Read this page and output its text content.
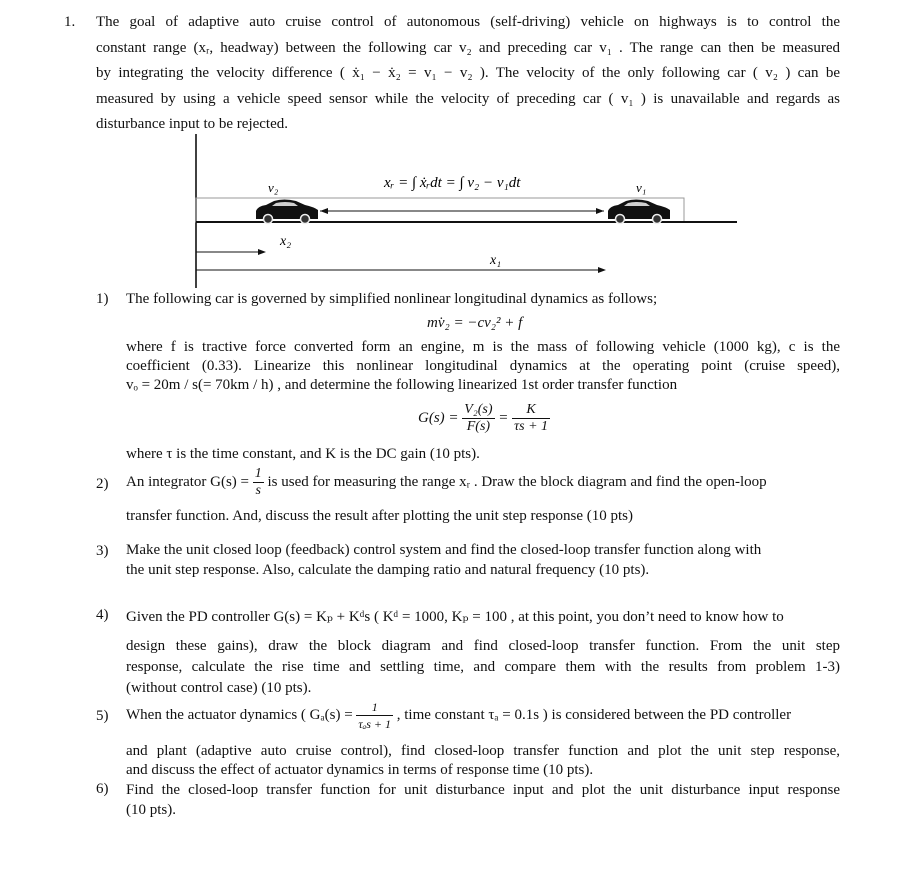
1. The goal of adaptive auto cruise control of autonomous (self-driving) vehicle on highways is to control the
constant range (xᵣ, headway) between the following car v₂ and preceding car v₁ . The range can then be measured
by integrating the velocity difference ( ẋ₁ − ẋ₂ = v₁ − v₂ ). The velocity of the only following car ( v₂ ) can be
measured by using a vehicle speed sensor while the velocity of preceding car ( v₁ ) is unavailable and regards as
disturbance input to be rejected.
v₂	v₁
xᵣ = ∫ ẋᵣdt = ∫ v₂ − v₁dt
x₂
x₁
1) The following car is governed by simplified nonlinear longitudinal dynamics as follows;
mv̇₂ = −cv₂² + f
where f is tractive force converted form an engine, m is the mass of following vehicle (1000 kg), c is the
coefficient (0.33). Linearize this nonlinear longitudinal dynamics at the operating point (cruise speed),
vₒ = 20m / s(= 70km / h) , and determine the following linearized 1st order transfer function
$G(s) = \frac{\text{V₂(s)}}{F(s)} = \frac{K}{\tau s + 1}$
where τ is the time constant, and K is the DC gain (10 pts).
2) An integrator $G(s) = \frac{1}{s}$ is used for measuring the range xᵣ . Draw the block diagram and find the open-loop
transfer function. And, discuss the result after plotting the unit step response (10 pts)
3) Make the unit closed loop (feedback) control system and find the closed-loop transfer function along with
the unit step response. Also, calculate the damping ratio and natural frequency (10 pts).
4) Given the PD controller G(s) = Kₚ + Kᵈs ( Kᵈ = 1000, Kₚ = 100 , at this point, you don’t need to know how to
design these gains), draw the block diagram and find closed-loop transfer function. From the unit step
response, calculate the rise time and settling time, and compare them with the results from problem 1-3)
(without control case) (10 pts).
5) When the actuator dynamics ( $G_a(s) = \frac{1}{\text{τₐs + 1}}$ , time constant τₐ = 0.1s ) is considered between the PD controller
and plant (adaptive auto cruise control), find closed-loop transfer function and plot the unit step response,
and discuss the effect of actuator dynamics in terms of response time (10 pts).
6) Find the closed-loop transfer function for unit disturbance input and plot the unit disturbance input response
(10 pts).
